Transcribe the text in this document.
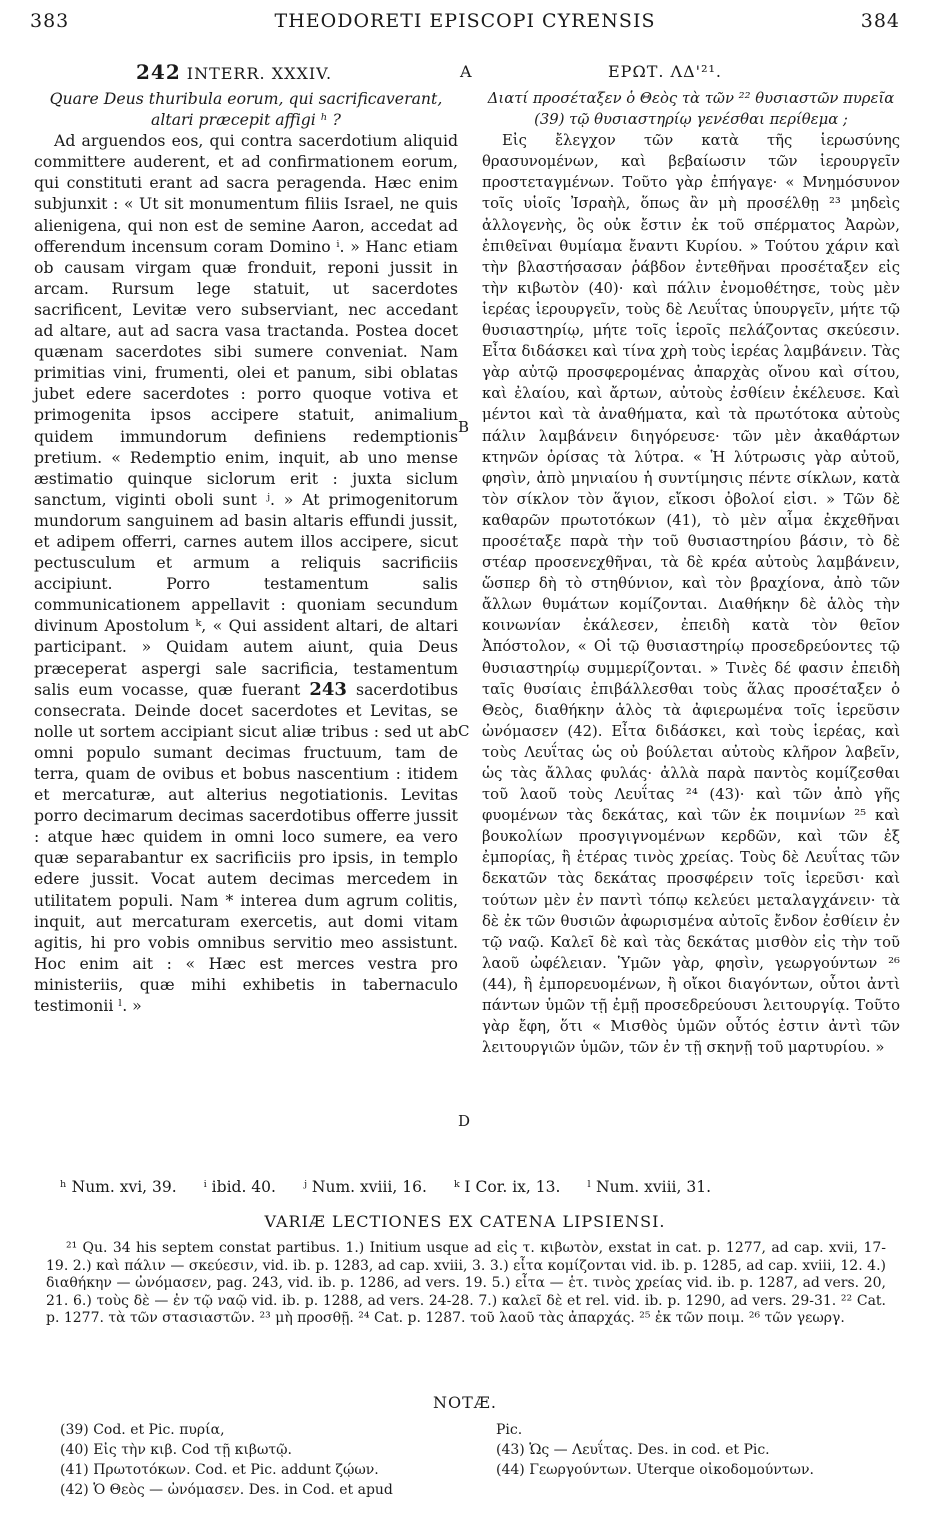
383	THEODORETI EPISCOPI CYRENSIS	384
242 INTERR. XXXIV.	A	ΕΡΩΤ. ΛΔ'²¹.

Quare Deus thuribula eorum, qui sacrificaverant, altari præcepit affigi ʰ ?

Ad arguendos eos, qui contra sacerdotium aliquid committere auderent, et ad confirmationem eorum, qui constituti erant ad sacra peragenda. Hæc enim subjunxit : « Ut sit monumentum filiis Israel, ne quis alienigena, qui non est de semine Aaron, accedat ad offerendum incensum coram Domino ⁱ. » Hanc etiam ob causam virgam quæ fronduit, reponi jussit in arcam. Rursum lege statuit, ut sacerdotes sacrificent, Levitæ vero subserviant, nec accedant ad altare, aut ad sacra vasa tractanda. Postea docet quænam sacerdotes sibi sumere conveniat. Nam primitias vini, frumenti, olei et panum, sibi oblatas jubet edere sacerdotes : porro quoque votiva et primogenita ipsos accipere statuit, animalium quidem immundorum definiens redemptionis pretium. « Redemptio enim, inquit, ab uno mense æstimatio quinque siclorum erit : juxta siclum sanctum, viginti oboli sunt ʲ. » At primogenitorum mundorum sanguinem ad basin altaris effundi jussit, et adipem offerri, carnes autem illos accipere, sicut pectusculum et armum a reliquis sacrificiis accipiunt. Porro testamentum salis communicationem appellavit : quoniam secundum divinum Apostolum ᵏ, « Qui assident altari, de altari participant. » Quidam autem aiunt, quia Deus præceperat aspergi sale sacrificia, testamentum salis eum vocasse, quæ fuerant 243 sacerdotibus consecrata. Deinde docet sacerdotes et Levitas, se nolle ut sortem accipiant sicut aliæ tribus : sed ut ab omni populo sumant decimas fructuum, tam de terra, quam de ovibus et bobus nascentium : itidem et mercaturæ, aut alterius negotiationis. Levitas porro decimarum decimas sacerdotibus offerre jussit : atque hæc quidem in omni loco sumere, ea vero quæ separabantur ex sacrificiis pro ipsis, in templo edere jussit. Vocat autem decimas mercedem in utilitatem populi. Nam * interea dum agrum colitis, inquit, aut mercaturam exercetis, aut domi vitam agitis, hi pro vobis omnibus servitio meo assistunt. Hoc enim ait : « Hæc est merces vestra pro ministeriis, quæ mihi exhibetis in tabernaculo testimonii ˡ. »

Διατί προσέταξεν ὁ Θεὸς τὰ τῶν ²² θυσιαστῶν πυρεῖα (39) τῷ θυσιαστηρίῳ γενέσθαι περίθεμα ;

Εἰς ἔλεγχον τῶν κατὰ τῆς ἱερωσύνης θρασυνομένων, καὶ βεβαίωσιν τῶν ἱερουργεῖν προστεταγμένων. Τοῦτο γὰρ ἐπήγαγε· « Μνημόσυνον τοῖς υἱοῖς Ἰσραὴλ, ὅπως ἂν μὴ προσέλθῃ ²³ μηδεὶς ἀλλογενὴς, ὃς οὐκ ἔστιν ἐκ τοῦ σπέρματος Ἀαρὼν, ἐπιθεῖναι θυμίαμα ἔναντι Κυρίου. » Τούτου χάριν καὶ τὴν βλαστήσασαν ῥάβδον ἐντεθῆναι προσέταξεν εἰς τὴν κιβωτὸν (40)· καὶ πάλιν ἐνομοθέτησε, τοὺς μὲν ἱερέας ἱερουργεῖν, τοὺς δὲ Λευΐτας ὑπουργεῖν, μήτε τῷ θυσιαστηρίῳ, μήτε τοῖς ἱεροῖς πελάζοντας σκεύεσιν. Εἶτα διδάσκει καὶ τίνα χρὴ τοὺς ἱερέας λαμβάνειν. Τὰς γὰρ αὐτῷ προσφερομένας ἀπαρχὰς οἴνου καὶ σίτου, καὶ ἐλαίου, καὶ ἄρτων, αὐτοὺς ἐσθίειν ἐκέλευσε. Καὶ μέντοι καὶ τὰ ἀναθήματα, καὶ τὰ πρωτότοκα αὐτοὺς πάλιν λαμβάνειν διηγόρευσε· τῶν μὲν ἀκαθάρτων κτηνῶν ὁρίσας τὰ λύτρα. « Ἡ λύτρωσις γὰρ αὐτοῦ, φησὶν, ἀπὸ μηνιαίου ἡ συντίμησις πέντε σίκλων, κατὰ τὸν σίκλον τὸν ἅγιον, εἴκοσι ὀβολοί εἰσι. » Τῶν δὲ καθαρῶν πρωτοτόκων (41), τὸ μὲν αἷμα ἐκχεθῆναι προσέταξε παρὰ τὴν τοῦ θυσιαστηρίου βάσιν, τὸ δὲ στέαρ προσενεχθῆναι, τὰ δὲ κρέα αὐτοὺς λαμβάνειν, ὥσπερ δὴ τὸ στηθύνιον, καὶ τὸν βραχίονα, ἀπὸ τῶν ἄλλων θυμάτων κομίζονται. Διαθήκην δὲ ἁλὸς τὴν κοινωνίαν ἐκάλεσεν, ἐπειδὴ κατὰ τὸν θεῖον Ἀπόστολον, « Οἱ τῷ θυσιαστηρίῳ προσεδρεύοντες τῷ θυσιαστηρίῳ συμμερίζονται. » Τινὲς δέ φασιν ἐπειδὴ ταῖς θυσίαις ἐπιβάλλεσθαι τοὺς ἅλας προσέταξεν ὁ Θεὸς, διαθήκην ἁλὸς τὰ ἀφιερωμένα τοῖς ἱερεῦσιν ὠνόμασεν (42). Εἶτα διδάσκει, καὶ τοὺς ἱερέας, καὶ τοὺς Λευΐτας ὡς οὐ βούλεται αὐτοὺς κλῆρον λαβεῖν, ὡς τὰς ἄλλας φυλάς· ἀλλὰ παρὰ παντὸς κομίζεσθαι τοῦ λαοῦ τοὺς Λευΐτας ²⁴ (43)· καὶ τῶν ἀπὸ γῆς φυομένων τὰς δεκάτας, καὶ τῶν ἐκ ποιμνίων ²⁵ καὶ βουκολίων προσγιγνομένων κερδῶν, καὶ τῶν ἐξ ἐμπορίας, ἢ ἑτέρας τινὸς χρείας. Τοὺς δὲ Λευΐτας τῶν δεκατῶν τὰς δεκάτας προσφέρειν τοῖς ἱερεῦσι· καὶ τούτων μὲν ἐν παντὶ τόπῳ κελεύει μεταλαγχάνειν· τὰ δὲ ἐκ τῶν θυσιῶν ἀφωρισμένα αὐτοῖς ἔνδον ἐσθίειν ἐν τῷ ναῷ. Καλεῖ δὲ καὶ τὰς δεκάτας μισθὸν εἰς τὴν τοῦ λαοῦ ὠφέλειαν. Ὑμῶν γὰρ, φησὶν, γεωργούντων ²⁶ (44), ἢ ἐμπορευομένων, ἢ οἴκοι διαγόντων, οὗτοι ἀντὶ πάντων ὑμῶν τῇ ἐμῇ προσεδρεύουσι λειτουργίᾳ. Τοῦτο γὰρ ἔφη, ὅτι « Μισθὸς ὑμῶν οὗτός ἐστιν ἀντὶ τῶν λειτουργιῶν ὑμῶν, τῶν ἐν τῇ σκηνῇ τοῦ μαρτυρίου. »

B
C
D
ʰ Num. xvi, 39. ⁱ ibid. 40. ʲ Num. xviii, 16. ᵏ I Cor. ix, 13. ˡ Num. xviii, 31.
VARIÆ LECTIONES EX CATENA LIPSIENSI.

²¹ Qu. 34 his septem constat partibus. 1.) Initium usque ad εἰς τ. κιβωτὸν, exstat in cat. p. 1277, ad cap. xvii, 17-19. 2.) καὶ πάλιν — σκεύεσιν, vid. ib. p. 1283, ad cap. xviii, 3. 3.) εἶτα κομίζονται vid. ib. p. 1285, ad cap. xviii, 12. 4.) διαθήκην — ὠνόμασεν, pag. 243, vid. ib. p. 1286, ad vers. 19. 5.) εἶτα — ἑτ. τινὸς χρείας vid. ib. p. 1287, ad vers. 20, 21. 6.) τοὺς δὲ — ἐν τῷ ναῷ vid. ib. p. 1288, ad vers. 24-28. 7.) καλεῖ δὲ et rel. vid. ib. p. 1290, ad vers. 29-31. ²² Cat. p. 1277. τὰ τῶν στασιαστῶν. ²³ μὴ προσθῇ. ²⁴ Cat. p. 1287. τοῦ λαοῦ τὰς ἀπαρχάς. ²⁵ ἐκ τῶν ποιμ. ²⁶ τῶν γεωργ.

NOTÆ.
(39) Cod. et Pic. πυρία,
(40) Εἰς τὴν κιβ. Cod τῇ κιβωτῷ.
(41) Πρωτοτόκων. Cod. et Pic. addunt ζῴων.
(42) Ὁ Θεὸς — ὠνόμασεν. Des. in Cod. et apud
Pic.
(43) Ὡς — Λευΐτας. Des. in cod. et Pic.
(44) Γεωργούντων. Uterque οἰκοδομούντων.
